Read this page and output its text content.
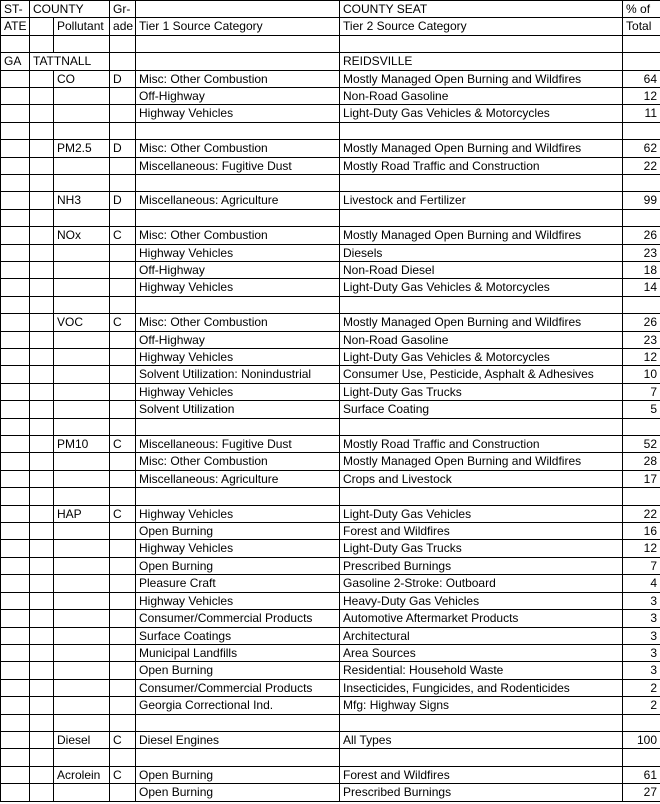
ST-	COUNTY		Gr-		COUNTY SEAT	% of
ATE		Pollutant	ade	Tier 1 Source Category	Tier 2 Source Category	Total

GA	TATTNALL				REIDSVILLE	
		CO	D	Misc: Other Combustion	Mostly Managed Open Burning and Wildfires	64
				Off-Highway	Non-Road Gasoline	12
				Highway Vehicles	Light-Duty Gas Vehicles & Motorcycles	11

		PM2.5	D	Misc: Other Combustion	Mostly Managed Open Burning and Wildfires	62
				Miscellaneous: Fugitive Dust	Mostly Road Traffic and Construction	22

		NH3	D	Miscellaneous: Agriculture	Livestock and Fertilizer	99

		NOx	C	Misc: Other Combustion	Mostly Managed Open Burning and Wildfires	26
				Highway Vehicles	Diesels	23
				Off-Highway	Non-Road Diesel	18
				Highway Vehicles	Light-Duty Gas Vehicles & Motorcycles	14

		VOC	C	Misc: Other Combustion	Mostly Managed Open Burning and Wildfires	26
				Off-Highway	Non-Road Gasoline	23
				Highway Vehicles	Light-Duty Gas Vehicles & Motorcycles	12
				Solvent Utilization: Nonindustrial	Consumer Use, Pesticide, Asphalt & Adhesives	10
				Highway Vehicles	Light-Duty Gas Trucks	7
				Solvent Utilization	Surface Coating	5

		PM10	C	Miscellaneous: Fugitive Dust	Mostly Road Traffic and Construction	52
				Misc: Other Combustion	Mostly Managed Open Burning and Wildfires	28
				Miscellaneous: Agriculture	Crops and Livestock	17

		HAP	C	Highway Vehicles	Light-Duty Gas Vehicles	22
				Open Burning	Forest and Wildfires	16
				Highway Vehicles	Light-Duty Gas Trucks	12
				Open Burning	Prescribed Burnings	7
				Pleasure Craft	Gasoline 2-Stroke: Outboard	4
				Highway Vehicles	Heavy-Duty Gas Vehicles	3
				Consumer/Commercial Products	Automotive Aftermarket Products	3
				Surface Coatings	Architectural	3
				Municipal Landfills	Area Sources	3
				Open Burning	Residential: Household Waste	3
				Consumer/Commercial Products	Insecticides, Fungicides, and Rodenticides	2
				Georgia Correctional Ind.	Mfg: Highway Signs	2

		Diesel	C	Diesel Engines	All Types	100

		Acrolein	C	Open Burning	Forest and Wildfires	61
				Open Burning	Prescribed Burnings	27
